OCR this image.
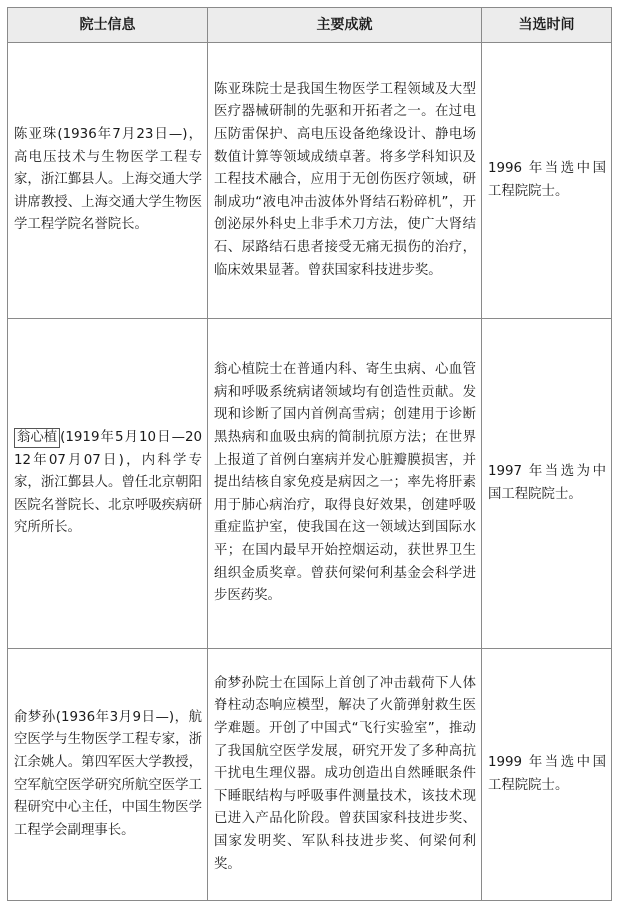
院士信息	主要成就	当选时间
陈亚珠(1936年7月23日—)，高电压技术与生物医学工程专家，浙江鄞县人。上海交通大学讲席教授、上海交通大学生物医学工程学院名誉院长。	陈亚珠院士是我国生物医学工程领域及大型医疗器械研制的先驱和开拓者之一。在过电压防雷保护、高电压设备绝缘设计、静电场数值计算等领域成绩卓著。将多学科知识及工程技术融合，应用于无创伤医疗领域，研制成功“液电冲击波体外肾结石粉碎机”，开创泌尿外科史上非手术刀方法，使广大肾结石、尿路结石患者接受无痛无损伤的治疗，临床效果显著。曾获国家科技进步奖。	1996 年当选中国工程院院士。
翁心植 (1919年5月10日—2012年07月07日)，内科学专家，浙江鄞县人。曾任北京朝阳医院名誉院长、北京呼吸疾病研究所所长。	翁心植院士在普通内科、寄生虫病、心血管病和呼吸系统病诸领域均有创造性贡献。发现和诊断了国内首例高雪病；创建用于诊断黑热病和血吸虫病的简制抗原方法；在世界上报道了首例白塞病并发心脏瓣膜损害，并提出结核自家免疫是病因之一；率先将肝素用于肺心病治疗，取得良好效果，创建呼吸重症监护室，使我国在这一领域达到国际水平；在国内最早开始控烟运动，获世界卫生组织金质奖章。曾获何梁何利基金会科学进步医药奖。	1997 年当选为中国工程院院士。
俞梦孙(1936年3月9日—)，航空医学与生物医学工程专家，浙江余姚人。第四军医大学教授，空军航空医学研究所航空医学工程研究中心主任，中国生物医学工程学会副理事长。	俞梦孙院士在国际上首创了冲击载荷下人体脊柱动态响应模型，解决了火箭弹射救生医学难题。开创了中国式“飞行实验室”，推动了我国航空医学发展，研究开发了多种高抗干扰电生理仪器。成功创造出自然睡眠条件下睡眠结构与呼吸事件测量技术，该技术现已进入产品化阶段。曾获国家科技进步奖、国家发明奖、军队科技进步奖、何梁何利奖。	1999 年当选中国工程院院士。
